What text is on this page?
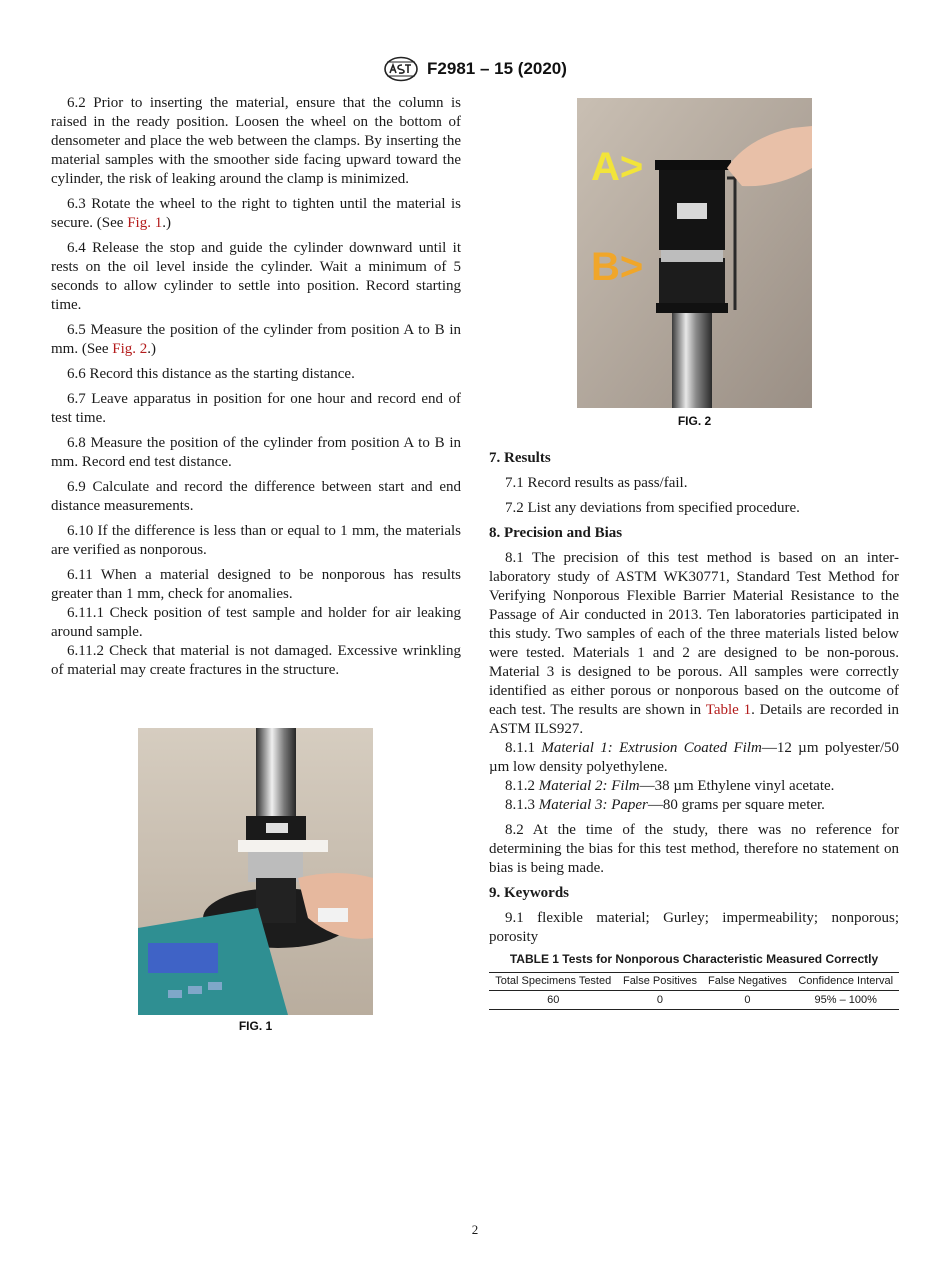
F2981 – 15 (2020)

6.2 Prior to inserting the material, ensure that the column is raised in the ready position. Loosen the wheel on the bottom of densometer and place the web between the clamps. By inserting the material samples with the smoother side facing upward toward the cylinder, the risk of leaking around the clamp is minimized.

6.3 Rotate the wheel to the right to tighten until the material is secure. (See Fig. 1.)

6.4 Release the stop and guide the cylinder downward until it rests on the oil level inside the cylinder. Wait a minimum of 5 seconds to allow cylinder to settle into position. Record starting time.

6.5 Measure the position of the cylinder from position A to B in mm. (See Fig. 2.)

6.6 Record this distance as the starting distance.

6.7 Leave apparatus in position for one hour and record end of test time.

6.8 Measure the position of the cylinder from position A to B in mm. Record end test distance.

6.9 Calculate and record the difference between start and end distance measurements.

6.10 If the difference is less than or equal to 1 mm, the materials are verified as nonporous.

6.11 When a material designed to be nonporous has results greater than 1 mm, check for anomalies.

6.11.1 Check position of test sample and holder for air leaking around sample.

6.11.2 Check that material is not damaged. Excessive wrinkling of material may create fractures in the structure.

A>
B>
FIG. 2
7. Results

7.1 Record results as pass/fail.

7.2 List any deviations from specified procedure.

8. Precision and Bias

8.1 The precision of this test method is based on an inter-laboratory study of ASTM WK30771, Standard Test Method for Verifying Nonporous Flexible Barrier Material Resistance to the Passage of Air conducted in 2013. Ten laboratories participated in this study. Two samples of each of the three materials listed below were tested. Materials 1 and 2 are designed to be non-porous. Material 3 is designed to be porous. All samples were correctly identified as either porous or nonporous based on the outcome of each test. The results are shown in Table 1. Details are recorded in ASTM ILS927.

8.1.1 Material 1: Extrusion Coated Film—12 µm polyester/50 µm low density polyethylene.

8.1.2 Material 2: Film—38 µm Ethylene vinyl acetate.

8.1.3 Material 3: Paper—80 grams per square meter.

8.2 At the time of the study, there was no reference for determining the bias for this test method, therefore no statement on bias is being made.

9. Keywords

9.1 flexible material; Gurley; impermeability; nonporous; porosity

TABLE 1 Tests for Nonporous Characteristic Measured Correctly
Total Specimens Tested	False Positives	False Negatives	Confidence Interval
60	0	0	95% – 100%
FIG. 1
2
